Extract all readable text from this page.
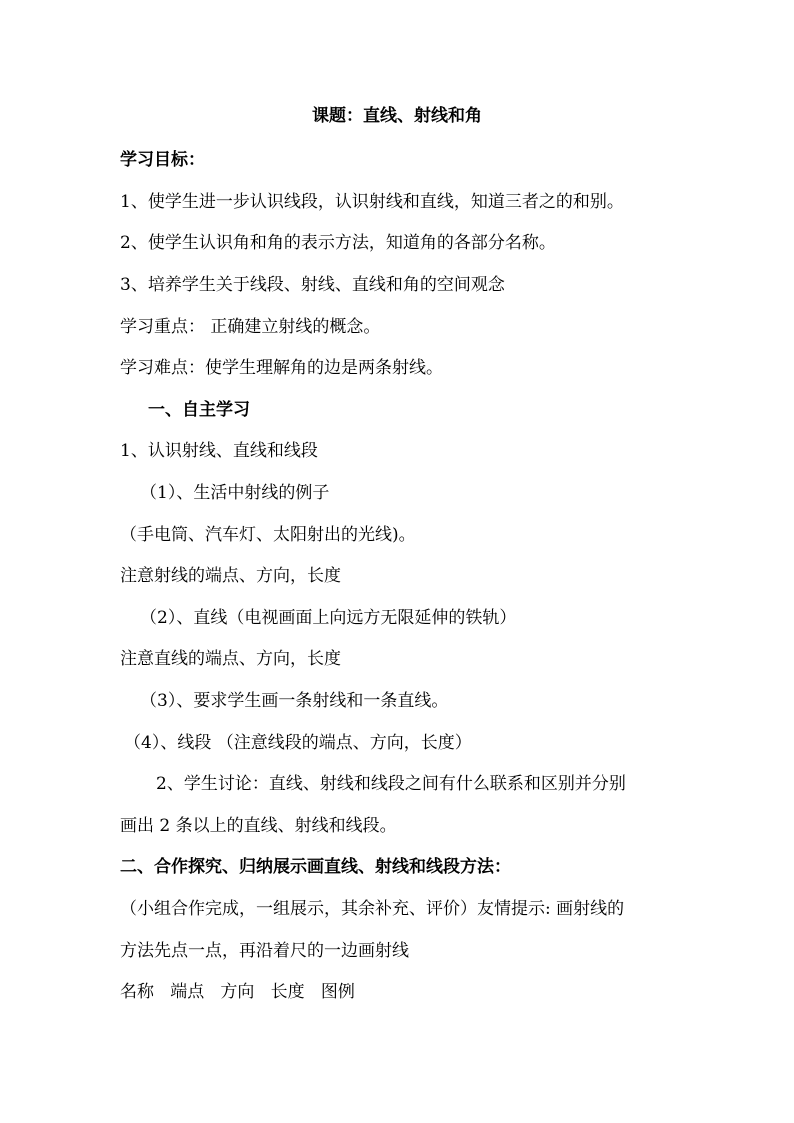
课题：直线、射线和角
学习目标：
1、使学生进一步认识线段，认识射线和直线，知道三者之的和别。
2、使学生认识角和角的表示方法，知道角的各部分名称。
3、培养学生关于线段、射线、直线和角的空间观念
学习重点： 正确建立射线的概念。
学习难点：使学生理解角的边是两条射线。
一、自主学习
1、认识射线、直线和线段
（1）、生活中射线的例子
（手电筒、汽车灯、太阳射出的光线)。
注意射线的端点、方向，长度
（2）、直线（电视画面上向远方无限延伸的铁轨）
注意直线的端点、方向，长度
（3）、要求学生画一条射线和一条直线。
（4）、线段 （注意线段的端点、方向，长度）
2、学生讨论：直线、射线和线段之间有什么联系和区别并分别
画出 2 条以上的直线、射线和线段。
二、合作探究、归纳展示画直线、射线和线段方法：
（小组合作完成，一组展示，其余补充、评价）友情提示: 画射线的
方法先点一点，再沿着尺的一边画射线
名称   端点   方向   长度   图例
